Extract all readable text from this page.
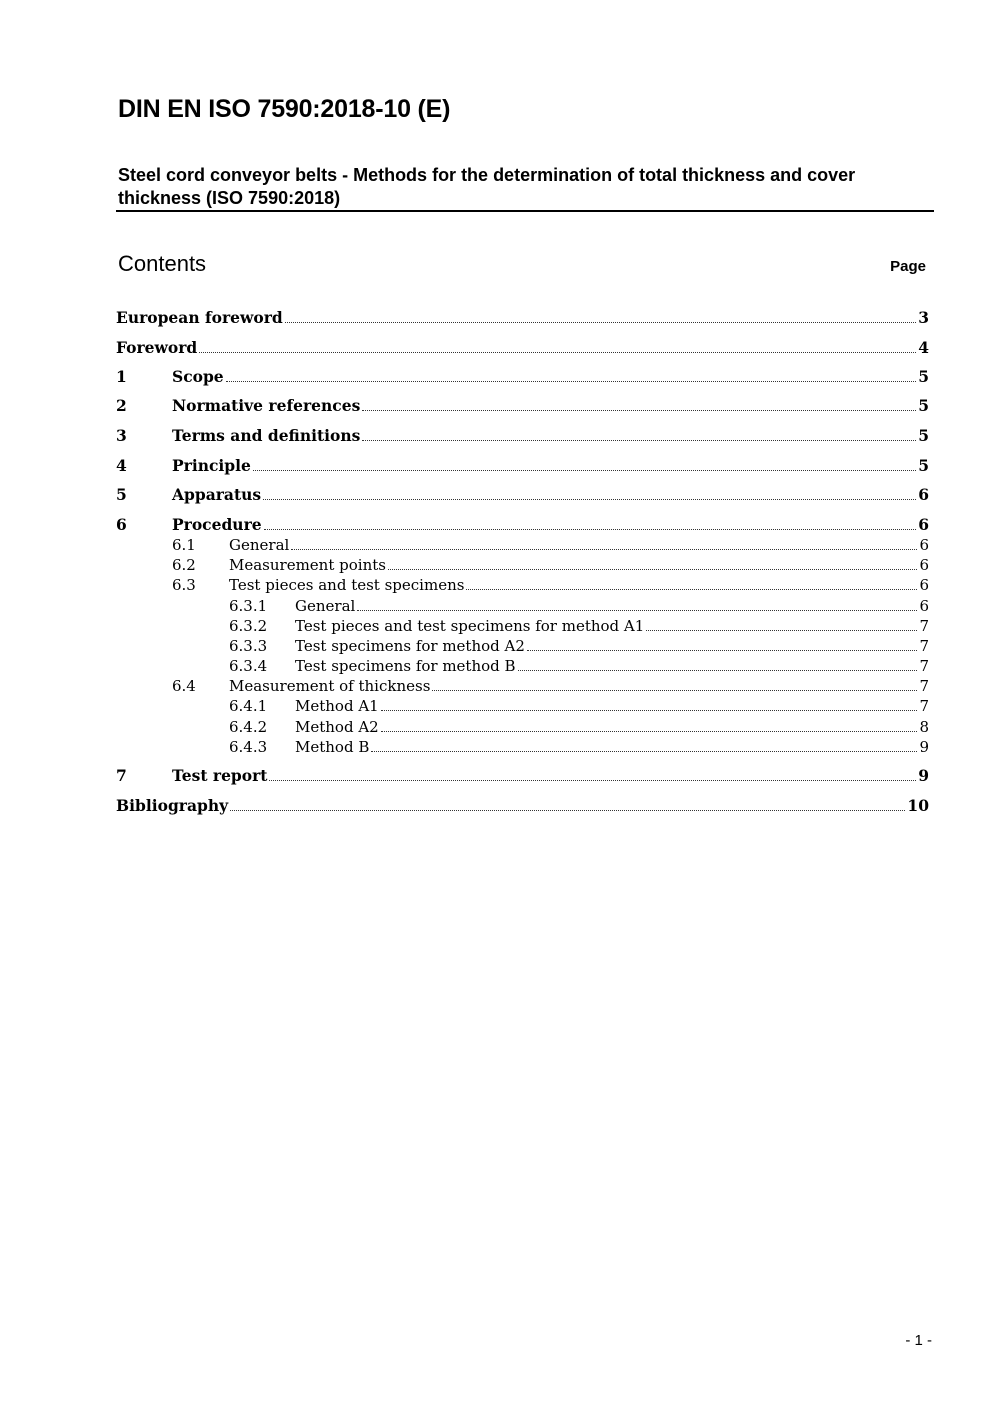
DIN EN ISO 7590:2018-10 (E)
Steel cord conveyor belts - Methods for the determination of total thickness and cover thickness (ISO 7590:2018)
Contents	Page
European foreword	3
Foreword	4
1	Scope	5
2	Normative references	5
3	Terms and definitions	5
4	Principle	5
5	Apparatus	6
6	Procedure	6
6.1	General	6
6.2	Measurement points	6
6.3	Test pieces and test specimens	6
6.3.1	General	6
6.3.2	Test pieces and test specimens for method A1	7
6.3.3	Test specimens for method A2	7
6.3.4	Test specimens for method B	7
6.4	Measurement of thickness	7
6.4.1	Method A1	7
6.4.2	Method A2	8
6.4.3	Method B	9
7	Test report	9
Bibliography	10
- 1 -
